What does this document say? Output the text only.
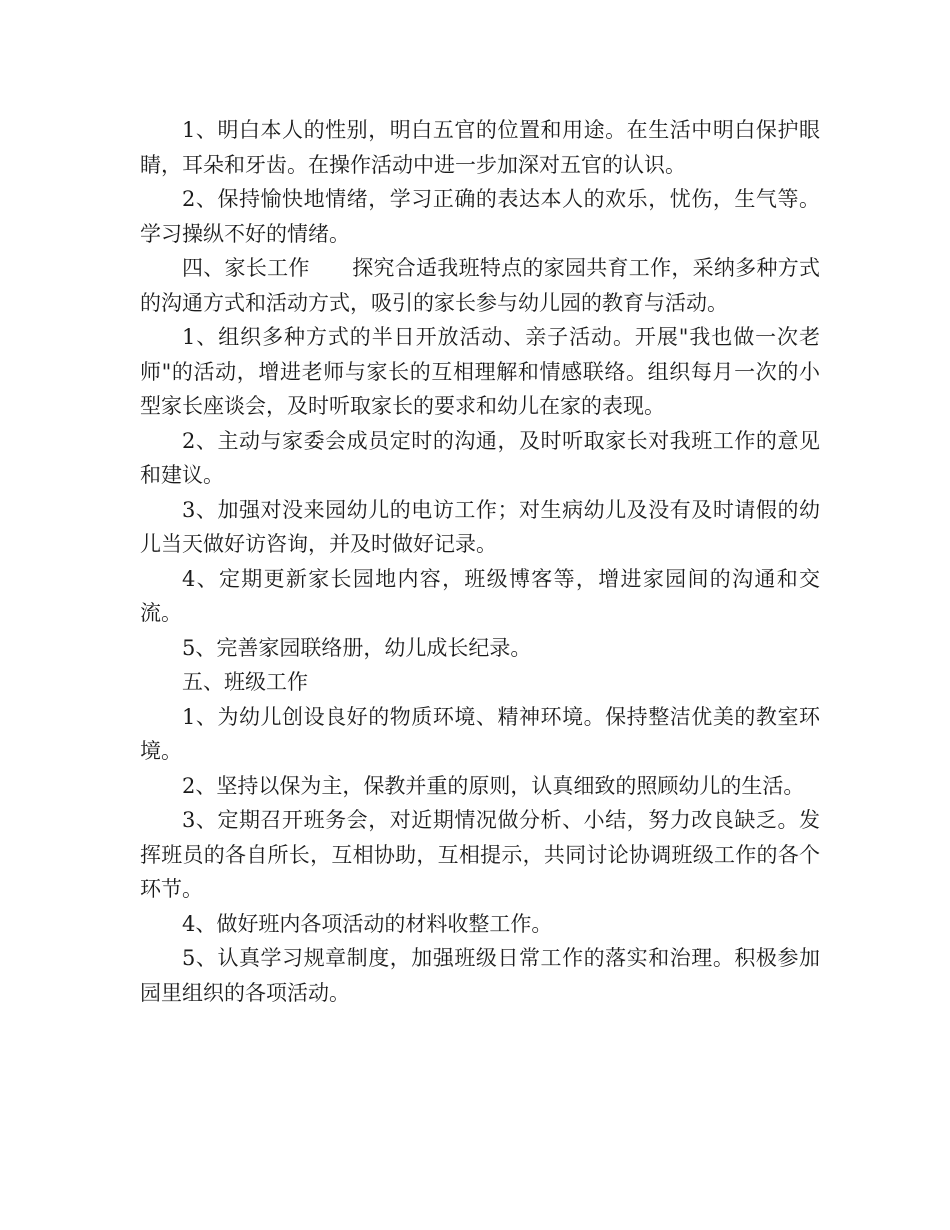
1、明白本人的性别，明白五官的位置和用途。在生活中明白保护眼睛，耳朵和牙齿。在操作活动中进一步加深对五官的认识。

2、保持愉快地情绪，学习正确的表达本人的欢乐，忧伤，生气等。学习操纵不好的情绪。

四、家长工作　　探究合适我班特点的家园共育工作，采纳多种方式的沟通方式和活动方式，吸引的家长参与幼儿园的教育与活动。

1、组织多种方式的半日开放活动、亲子活动。开展"我也做一次老师"的活动，增进老师与家长的互相理解和情感联络。组织每月一次的小型家长座谈会，及时听取家长的要求和幼儿在家的表现。

2、主动与家委会成员定时的沟通，及时听取家长对我班工作的意见和建议。

3、加强对没来园幼儿的电访工作；对生病幼儿及没有及时请假的幼儿当天做好访咨询，并及时做好记录。

4、定期更新家长园地内容，班级博客等，增进家园间的沟通和交流。

5、完善家园联络册，幼儿成长纪录。

五、班级工作

1、为幼儿创设良好的物质环境、精神环境。保持整洁优美的教室环境。

2、坚持以保为主，保教并重的原则，认真细致的照顾幼儿的生活。

3、定期召开班务会，对近期情况做分析、小结，努力改良缺乏。发挥班员的各自所长，互相协助，互相提示，共同讨论协调班级工作的各个环节。

4、做好班内各项活动的材料收整工作。

5、认真学习规章制度，加强班级日常工作的落实和治理。积极参加园里组织的各项活动。
